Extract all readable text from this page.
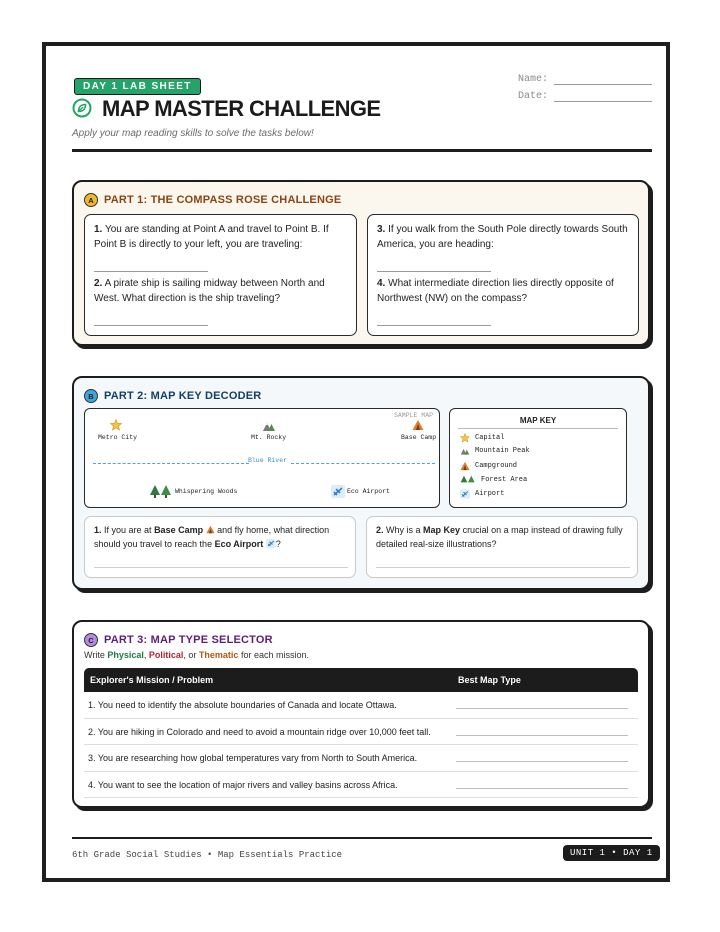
DAY 1 LAB SHEET
Name:
Date:
MAP MASTER CHALLENGE
Apply your map reading skills to solve the tasks below!
A PART 1: THE COMPASS ROSE CHALLENGE
1. You are standing at Point A and travel to Point B. If Point B is directly to your left, you are traveling:
2. A pirate ship is sailing midway between North and West. What direction is the ship traveling?
3. If you walk from the South Pole directly towards South America, you are heading:
4. What intermediate direction lies directly opposite of Northwest (NW) on the compass?
B PART 2: MAP KEY DECODER
SAMPLE MAP
Metro City	Mt. Rocky	Base Camp
Blue River
Whispering Woods	Eco Airport
MAP KEY
Capital
Mountain Peak
Campground
Forest Area
Airport
1. If you are at Base Camp  and fly home, what direction should you travel to reach the Eco Airport ?
2. Why is a Map Key crucial on a map instead of drawing fully detailed real-size illustrations?
C PART 3: MAP TYPE SELECTOR
Write Physical, Political, or Thematic for each mission.
Explorer's Mission / Problem	Best Map Type
1. You need to identify the absolute boundaries of Canada and locate Ottawa.
2. You are hiking in Colorado and need to avoid a mountain ridge over 10,000 feet tall.
3. You are researching how global temperatures vary from North to South America.
4. You want to see the location of major rivers and valley basins across Africa.
6th Grade Social Studies • Map Essentials Practice	UNIT 1 • DAY 1
